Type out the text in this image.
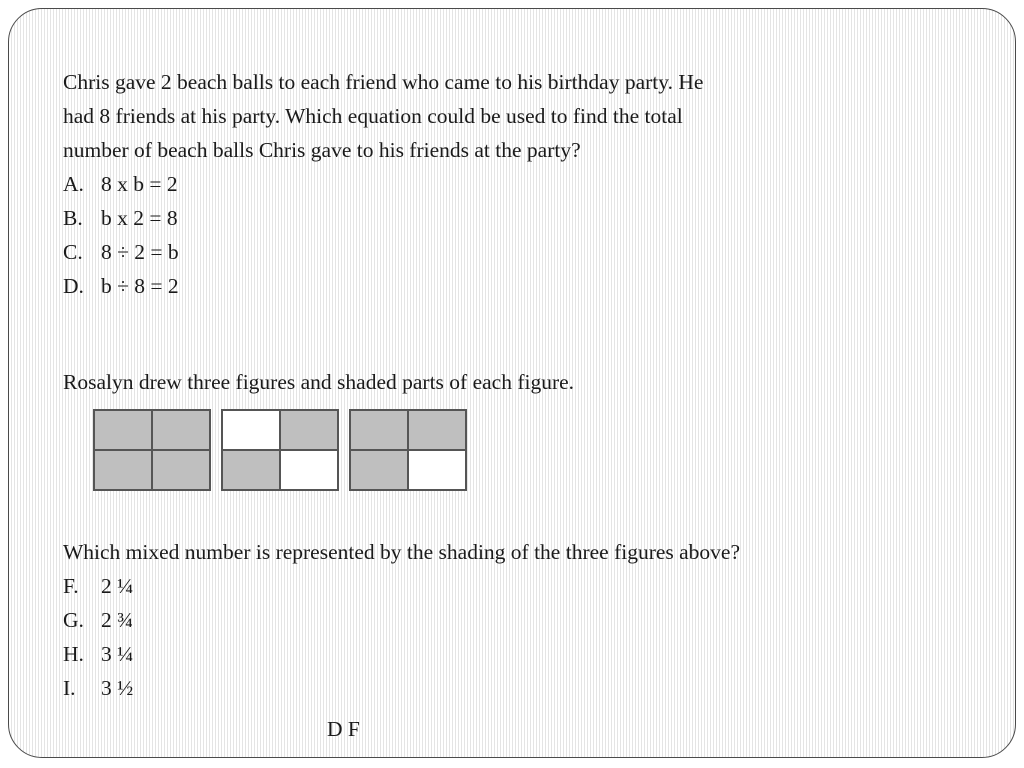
Chris gave 2 beach balls to each friend who came to his birthday party. He
had 8 friends at his party. Which equation could be used to find the total
number of beach balls Chris gave to his friends at the party?
A. 8 x b = 2
B. b x 2 = 8
C. 8 ÷ 2 = b
D. b ÷ 8 = 2
Rosalyn drew three figures and shaded parts of each figure.
Which mixed number is represented by the shading of the three figures above?
F. 2 ¼
G. 2 ¾
H. 3 ¼
I. 3 ½
D F
